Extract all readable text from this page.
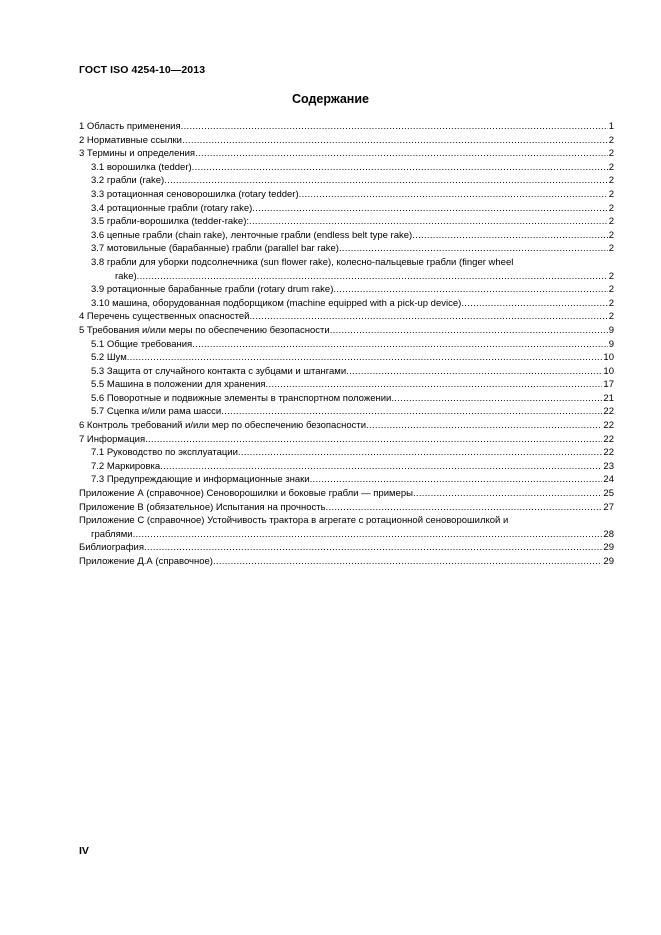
ГОСТ ISO 4254-10—2013
Содержание
1 Область применения .....	1
2 Нормативные ссылки .....	2
3 Термины и определения .....	2
3.1 ворошилка (tedder) .....	2
3.2 грабли (rake) .....	2
3.3 ротационная сеноворошилка (rotary tedder) .....	2
3.4 ротационные грабли (rotary rake) .....	2
3.5 грабли-ворошилка (tedder-rake): .....	2
3.6 цепные грабли (chain rake), ленточные грабли (endless belt type rake) .....	2
3.7 мотовильные (барабанные) грабли (parallel bar rake) .....	2
3.8 грабли для уборки подсолнечника (sun flower rake), колесно-пальцевые грабли (finger wheel
rake) .....	2
3.9 ротационные барабанные грабли (rotary drum rake) .....	2
3.10 машина, оборудованная подборщиком (machine equipped with a pick-up device) .....	2
4 Перечень существенных опасностей .....	2
5 Требования и/или меры по обеспечению безопасности .....	9
5.1 Общие требования .....	9
5.2 Шум .....	10
5.3 Защита от случайного контакта с зубцами и штангами .....	10
5.5 Машина в положении для хранения .....	17
5.6 Поворотные и подвижные элементы в транспортном положении .....	21
5.7 Сцепка и/или рама шасси .....	22
6 Контроль требований и/или мер по обеспечению безопасности .....	22
7 Информация .....	22
7.1 Руководство по эксплуатации .....	22
7.2 Маркировка .....	23
7.3 Предупреждающие и информационные знаки .....	24
Приложение А (справочное) Сеноворошилки и боковые грабли — примеры .....	25
Приложение В (обязательное) Испытания на прочность .....	27
Приложение С (справочное) Устойчивость трактора в агрегате с ротационной сеноворошилкой и
граблями .....	28
Библиография .....	29
Приложение Д.А (справочное) .....	29
IV
